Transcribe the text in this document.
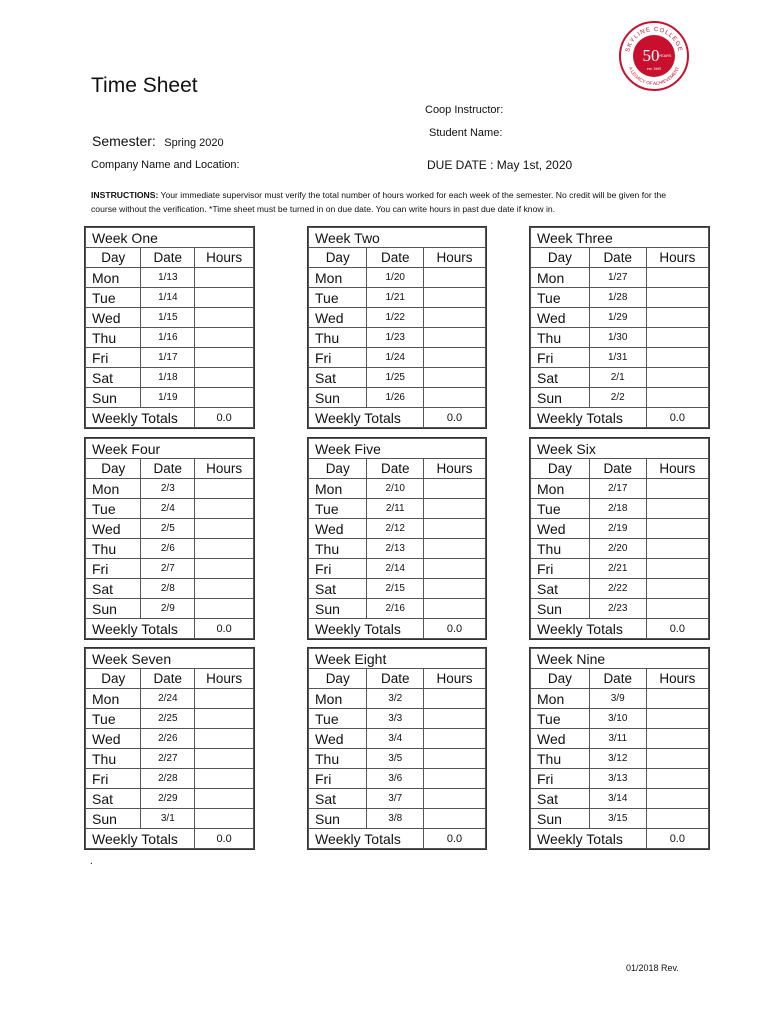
SKYLINE COLLEGE
A LEGACY OF ACHIEVEMENT
50 YEARS
est. 1969
Time Sheet
Coop Instructor:
Student Name:
Semester: Spring 2020
Company Name and Location:	DUE DATE : May 1st, 2020
INSTRUCTIONS: Your immediate supervisor must verify the total number of hours worked for each week of the semester. No credit will be given for the course without the verification. *Time sheet must be turned in on due date. You can write hours in past due date if know in.
Week One		
Day	Date	Hours
Mon	1/13	
Tue	1/14	
Wed	1/15	
Thu	1/16	
Fri	1/17	
Sat	1/18	
Sun	1/19	
Weekly Totals		0.0
Week Two		
Day	Date	Hours
Mon	1/20	
Tue	1/21	
Wed	1/22	
Thu	1/23	
Fri	1/24	
Sat	1/25	
Sun	1/26	
Weekly Totals		0.0
Week Three		
Day	Date	Hours
Mon	1/27	
Tue	1/28	
Wed	1/29	
Thu	1/30	
Fri	1/31	
Sat	2/1	
Sun	2/2	
Weekly Totals		0.0
Week Four		
Day	Date	Hours
Mon	2/3	
Tue	2/4	
Wed	2/5	
Thu	2/6	
Fri	2/7	
Sat	2/8	
Sun	2/9	
Weekly Totals		0.0
Week Five		
Day	Date	Hours
Mon	2/10	
Tue	2/11	
Wed	2/12	
Thu	2/13	
Fri	2/14	
Sat	2/15	
Sun	2/16	
Weekly Totals		0.0
Week Six		
Day	Date	Hours
Mon	2/17	
Tue	2/18	
Wed	2/19	
Thu	2/20	
Fri	2/21	
Sat	2/22	
Sun	2/23	
Weekly Totals		0.0
Week Seven		
Day	Date	Hours
Mon	2/24	
Tue	2/25	
Wed	2/26	
Thu	2/27	
Fri	2/28	
Sat	2/29	
Sun	3/1	
Weekly Totals		0.0
Week Eight		
Day	Date	Hours
Mon	3/2	
Tue	3/3	
Wed	3/4	
Thu	3/5	
Fri	3/6	
Sat	3/7	
Sun	3/8	
Weekly Totals		0.0
Week Nine		
Day	Date	Hours
Mon	3/9	
Tue	3/10	
Wed	3/11	
Thu	3/12	
Fri	3/13	
Sat	3/14	
Sun	3/15	
Weekly Totals		0.0
.
01/2018 Rev.
